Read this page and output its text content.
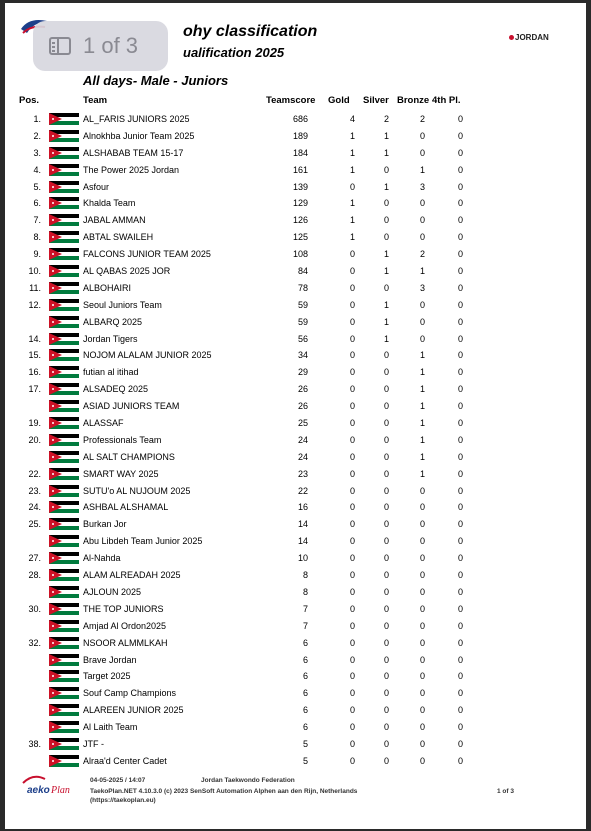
ohy classification
ualification 2025
All days- Male - Juniors
JORDAN
Pos.	Team	Teamscore Gold Silver Bronze 4th Pl.
1.	AL_FARIS JUNIORS 2025	686	4	2	2	0
2.	Alnokhba Junior Team 2025	189	1	1	0	0
3.	ALSHABAB TEAM 15-17	184	1	1	0	0
4.	The Power 2025 Jordan	161	1	0	1	0
5.	Asfour	139	0	1	3	0
6.	Khalda Team	129	1	0	0	0
7.	JABAL AMMAN	126	1	0	0	0
8.	ABTAL SWAILEH	125	1	0	0	0
9.	FALCONS JUNIOR TEAM 2025	108	0	1	2	0
10.	AL QABAS 2025 JOR	84	0	1	1	0
11.	ALBOHAIRI	78	0	0	3	0
12.	Seoul Juniors Team	59	0	1	0	0
ALBARQ 2025	59	0	1	0	0
14.	Jordan Tigers	56	0	1	0	0
15.	NOJOM ALALAM JUNIOR 2025	34	0	0	1	0
16.	futian al itihad	29	0	0	1	0
17.	ALSADEQ 2025	26	0	0	1	0
ASIAD JUNIORS TEAM	26	0	0	1	0
19.	ALASSAF	25	0	0	1	0
20.	Professionals Team	24	0	0	1	0
AL SALT CHAMPIONS	24	0	0	1	0
22.	SMART WAY 2025	23	0	0	1	0
23.	SUTU'o AL NUJOUM 2025	22	0	0	0	0
24.	ASHBAL ALSHAMAL	16	0	0	0	0
25.	Burkan Jor	14	0	0	0	0
Abu Libdeh Team Junior 2025	14	0	0	0	0
27.	Al-Nahda	10	0	0	0	0
28.	ALAM ALREADAH 2025	8	0	0	0	0
AJLOUN 2025	8	0	0	0	0
30.	THE TOP JUNIORS	7	0	0	0	0
Amjad Al Ordon2025	7	0	0	0	0
32.	NSOOR ALMMLKAH	6	0	0	0	0
Brave Jordan	6	0	0	0	0
Target 2025	6	0	0	0	0
Souf Camp Champions	6	0	0	0	0
ALAREEN JUNIOR 2025	6	0	0	0	0
Al Laith Team	6	0	0	0	0
38.	JTF -	5	0	0	0	0
Alraa'd Center Cadet	5	0	0	0	0
aeko Plan
04-05-2025 / 14:07	Jordan Taekwondo Federation
TaekoPlan.NET 4.10.3.0 (c) 2023 SenSoft Automation Alphen aan den Rijn, Netherlands
(https://taekoplan.eu)
1 of 3
1 of 3
